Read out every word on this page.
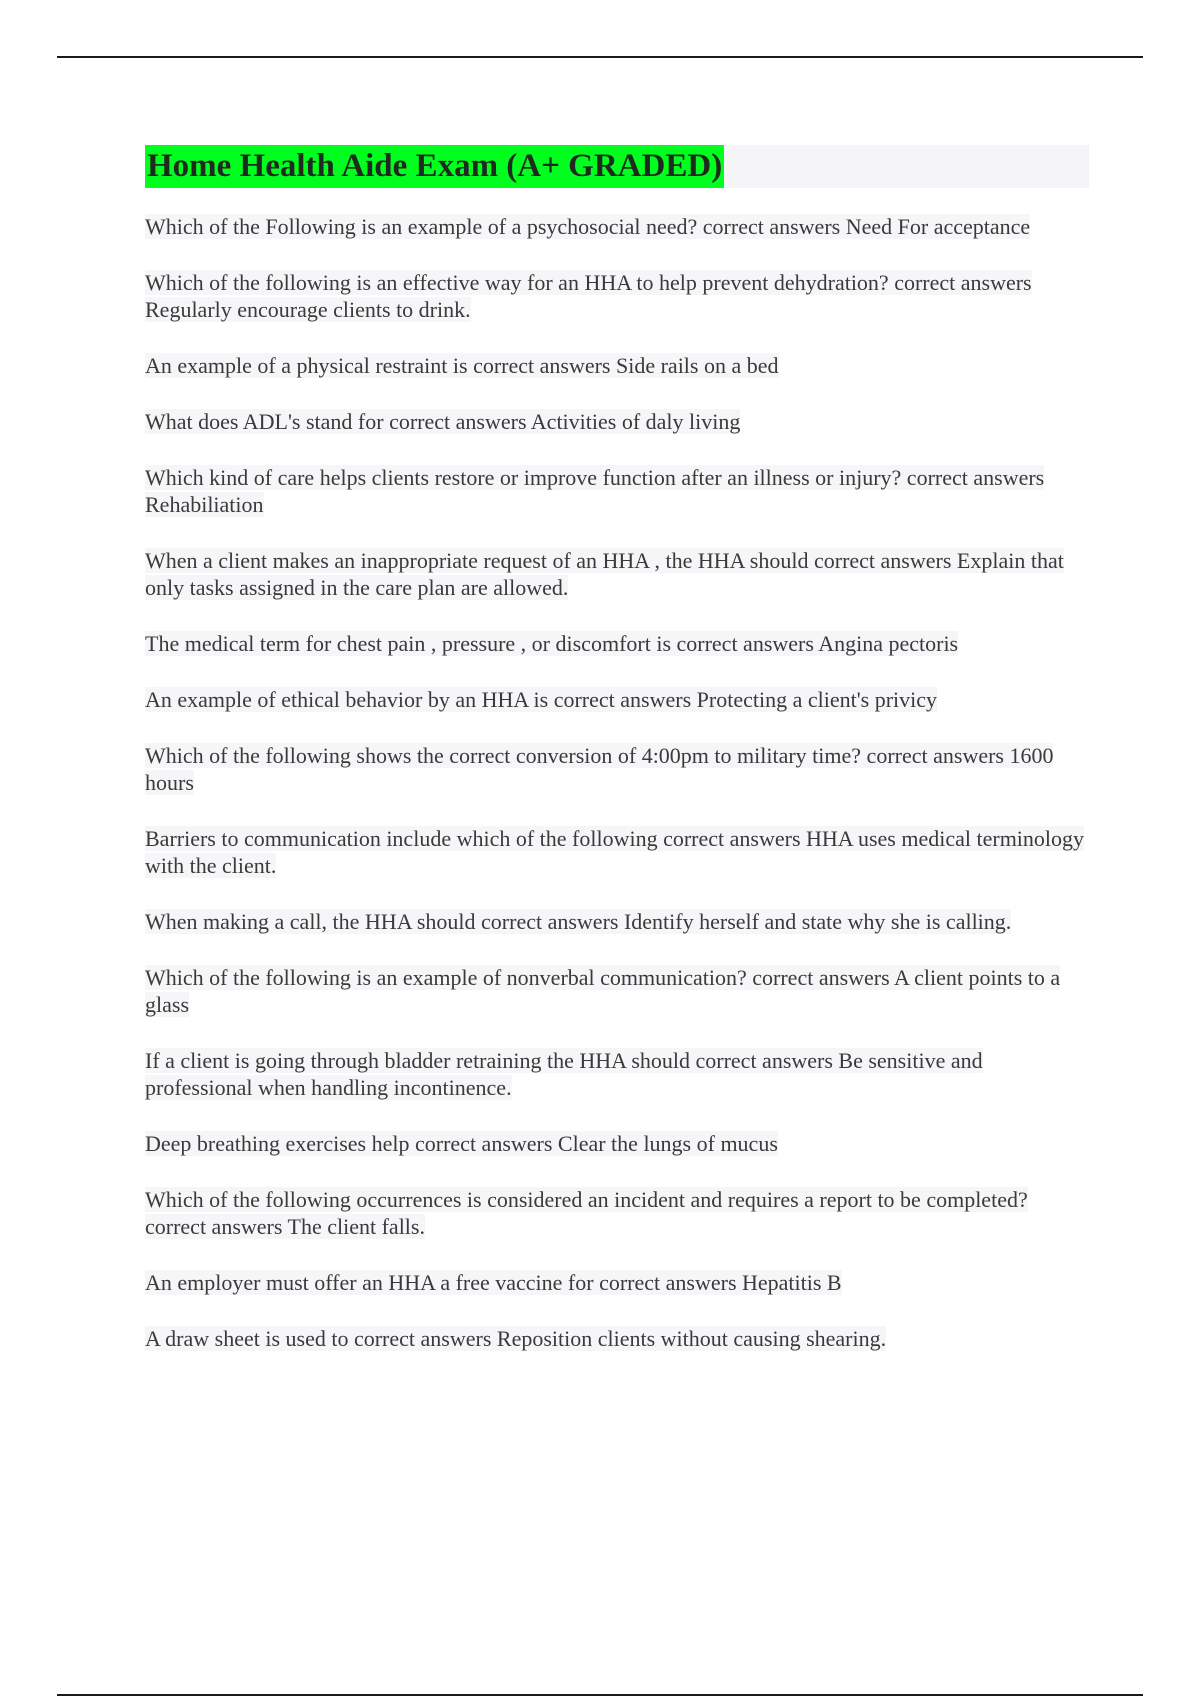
Home Health Aide Exam (A+ GRADED)

Which of the Following is an example of a psychosocial need? correct answers Need For acceptance

Which of the following is an effective way for an HHA to help prevent dehydration? correct answers Regularly encourage clients to drink.

An example of a physical restraint is correct answers Side rails on a bed

What does ADL's stand for correct answers Activities of daly living

Which kind of care helps clients restore or improve function after an illness or injury? correct answers Rehabiliation

When a client makes an inappropriate request of an HHA , the HHA should correct answers Explain that only tasks assigned in the care plan are allowed.

The medical term for chest pain , pressure , or discomfort is correct answers Angina pectoris

An example of ethical behavior by an HHA is correct answers Protecting a client's privicy

Which of the following shows the correct conversion of 4:00pm to military time? correct answers 1600 hours

Barriers to communication include which of the following correct answers HHA uses medical terminology with the client.

When making a call, the HHA should correct answers Identify herself and state why she is calling.

Which of the following is an example of nonverbal communication? correct answers A client points to a glass

If a client is going through bladder retraining the HHA should correct answers Be sensitive and professional when handling incontinence.

Deep breathing exercises help correct answers Clear the lungs of mucus

Which of the following occurrences is considered an incident and requires a report to be completed? correct answers The client falls.

An employer must offer an HHA a free vaccine for correct answers Hepatitis B

A draw sheet is used to correct answers Reposition clients without causing shearing.
